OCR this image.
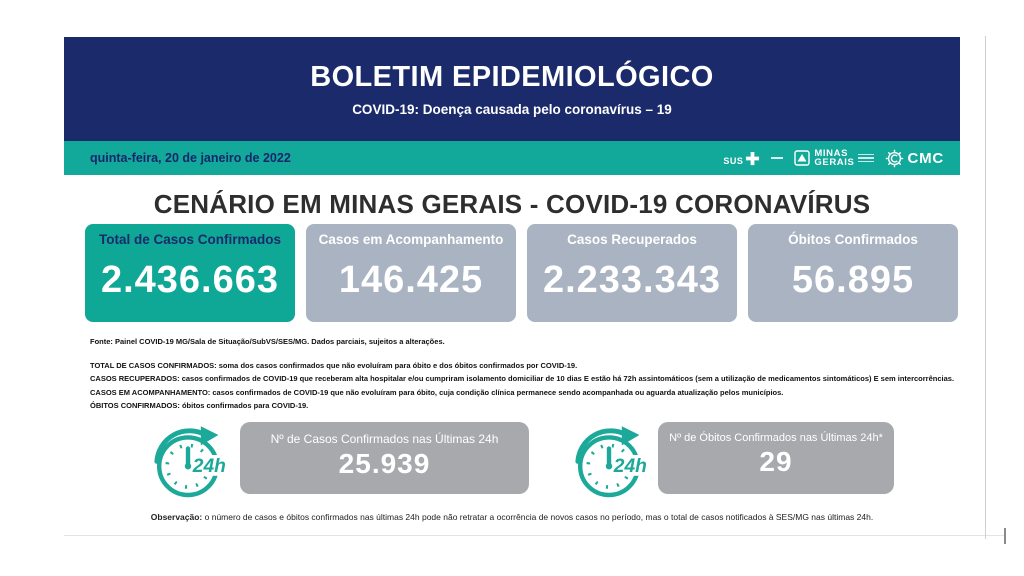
BOLETIM EPIDEMIOLÓGICO
COVID-19: Doença causada pelo coronavírus – 19
quinta-feira, 20 de janeiro de 2022	SUS
MINAS
GERAIS	CMC
CENÁRIO EM MINAS GERAIS - COVID-19 CORONAVÍRUS
Total de Casos Confirmados
2.436.663
Casos em Acompanhamento
146.425
Casos Recuperados
2.233.343
Óbitos Confirmados
56.895
Fonte: Painel COVID-19 MG/Sala de Situação/SubVS/SES/MG. Dados parciais, sujeitos a alterações.
TOTAL DE CASOS CONFIRMADOS: soma dos casos confirmados que não evoluíram para óbito e dos óbitos confirmados por COVID-19.
CASOS RECUPERADOS: casos confirmados de COVID-19 que receberam alta hospitalar e/ou cumpriram isolamento domiciliar de 10 dias E estão há 72h assintomáticos (sem a utilização de medicamentos sintomáticos) E sem intercorrências.
CASOS EM ACOMPANHAMENTO: casos confirmados de COVID-19 que não evoluíram para óbito, cuja condição clínica permanece sendo acompanhada ou aguarda atualização pelos municípios.
ÓBITOS CONFIRMADOS: óbitos confirmados para COVID-19.
24h
Nº de Casos Confirmados nas Últimas 24h
25.939	24h
Nº de Óbitos Confirmados nas Últimas 24h*
29
Observação: o número de casos e óbitos confirmados nas últimas 24h pode não retratar a ocorrência de novos casos no período, mas o total de casos notificados à SES/MG nas últimas 24h.
